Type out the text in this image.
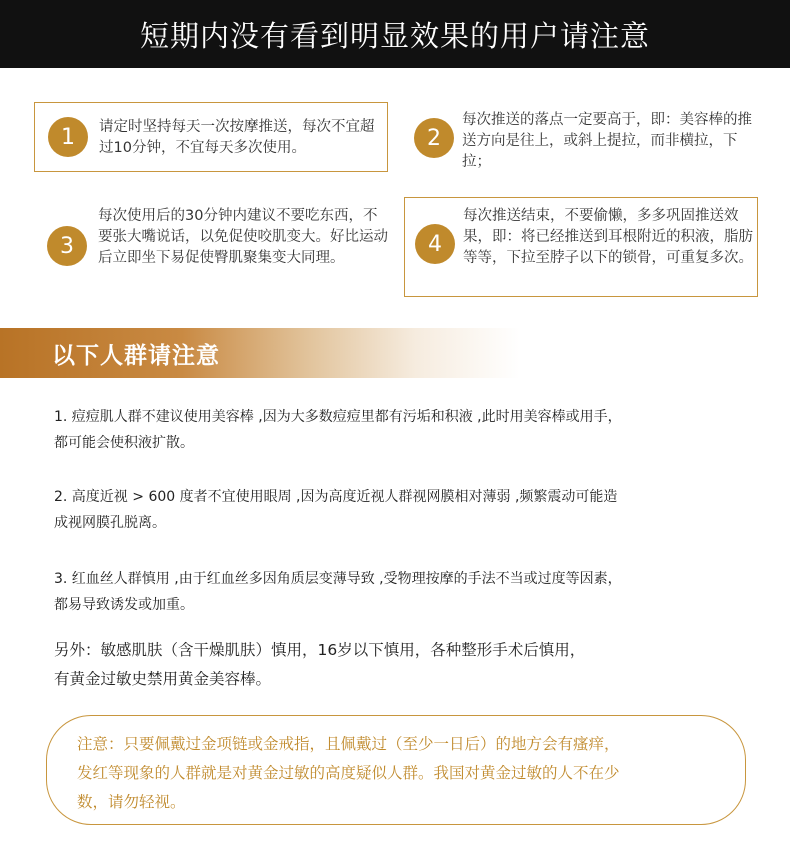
短期内没有看到明显效果的用户请注意
1	请定时坚持每天一次按摩推送，每次不宜超过10分钟，不宜每天多次使用。	2
每次推送的落点一定要高于，即：美容棒的推送方向是往上，或斜上提拉，而非横拉，下拉；
3
每次使用后的30分钟内建议不要吃东西，不要张大嘴说话，以免促使咬肌变大。好比运动后立即坐下易促使臀肌聚集变大同理。
4
每次推送结束，不要偷懒，多多巩固推送效果，即：将已经推送到耳根附近的积液，脂肪等等，下拉至脖子以下的锁骨，可重复多次。
以下人群请注意
1. 痘痘肌人群不建议使用美容棒 ,因为大多数痘痘里都有污垢和积液 ,此时用美容棒或用手，
都可能会使积液扩散。
2. 高度近视 > 600 度者不宜使用眼周 ,因为高度近视人群视网膜相对薄弱 ,频繁震动可能造
成视网膜孔脱离。
3. 红血丝人群慎用 ,由于红血丝多因角质层变薄导致 ,受物理按摩的手法不当或过度等因素，
都易导致诱发或加重。
另外：敏感肌肤（含干燥肌肤）慎用，16岁以下慎用，各种整形手术后慎用，
有黄金过敏史禁用黄金美容棒。
注意：只要佩戴过金项链或金戒指，且佩戴过（至少一日后）的地方会有瘙痒，
发红等现象的人群就是对黄金过敏的高度疑似人群。我国对黄金过敏的人不在少
数，请勿轻视。
